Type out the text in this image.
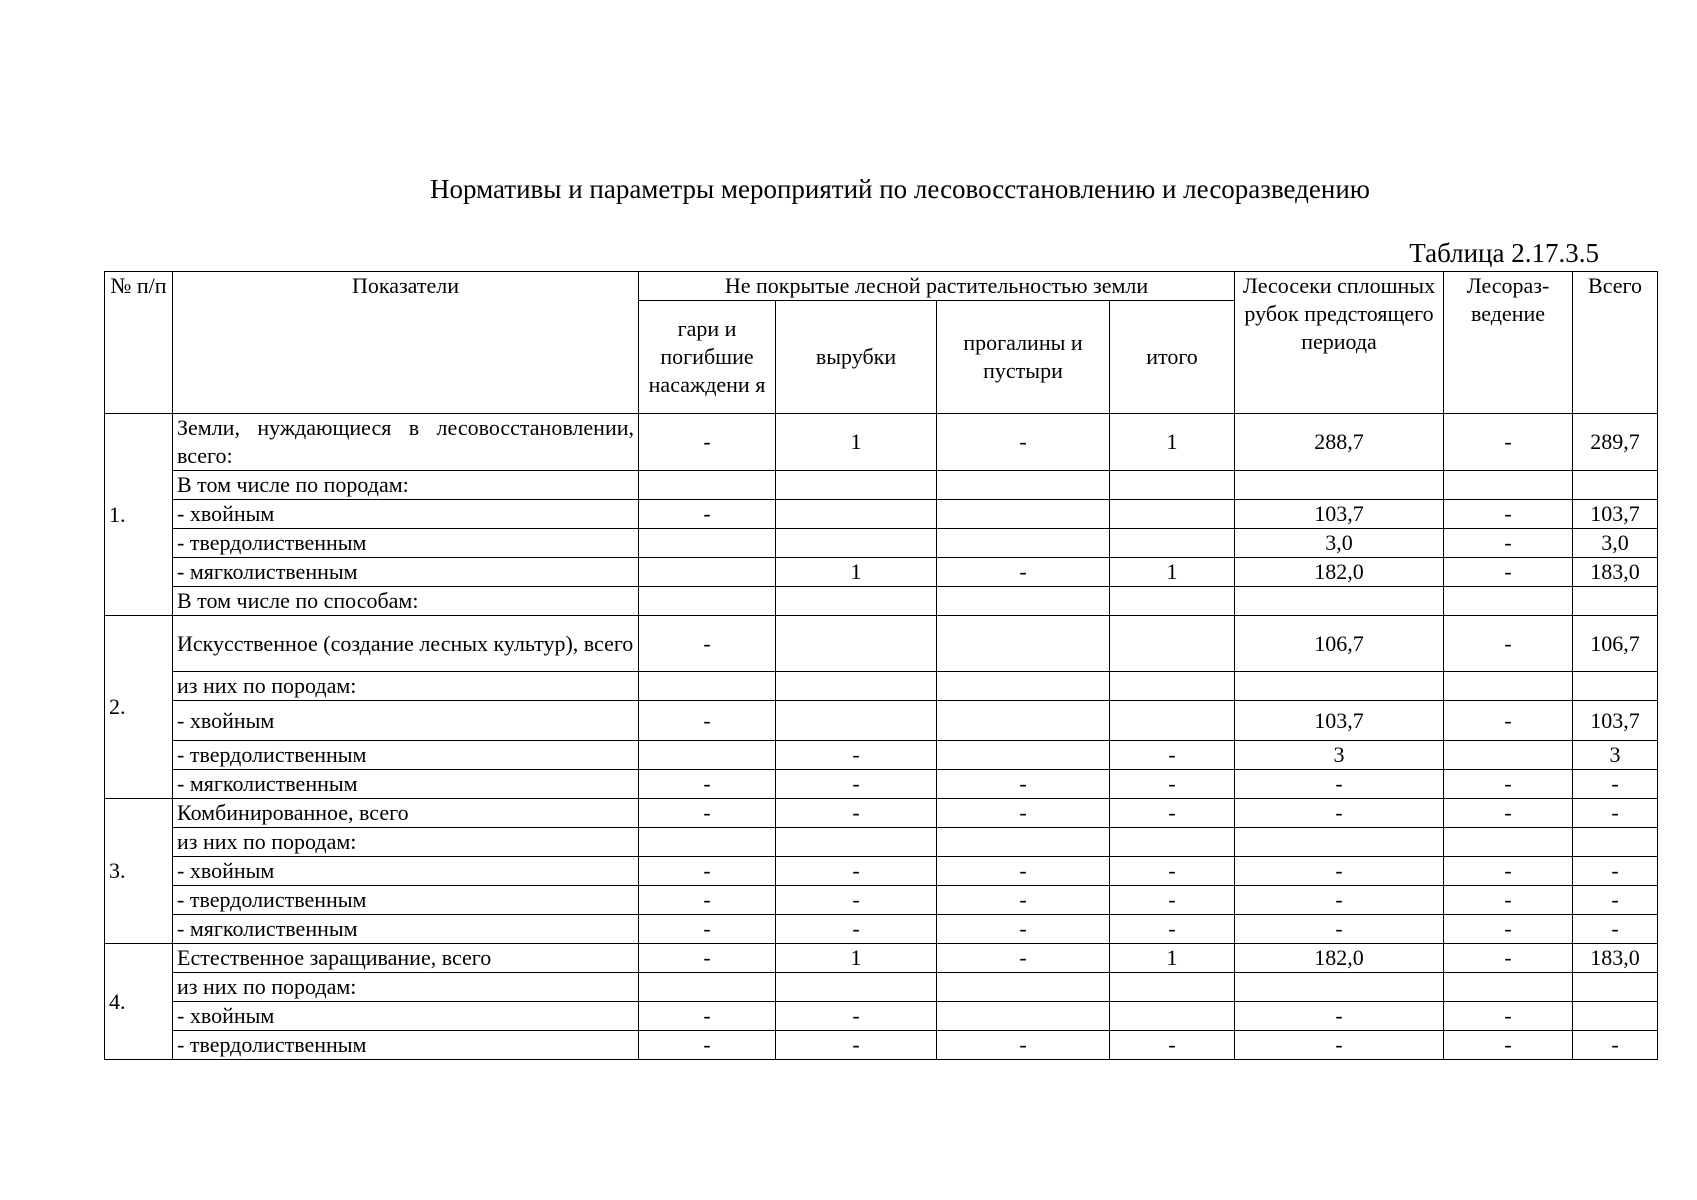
Нормативы и параметры мероприятий по лесовосстановлению и лесоразведению
Таблица 2.17.3.5
№ п/п	Показатели	Не покрытые лесной растительностью земли				Лесосеки сплошных рубок предстоящего периода	Лесораз-ведение	Всего
		гари и погибшие насаждени я	вырубки	прогалины и пустыри	итого			
1.	Земли, нуждающиеся в лесовосстановлении, всего:	-	1	-	1	288,7	-	289,7
	В том числе по породам:							
	- хвойным	-				103,7	-	103,7
	- твердолиственным					3,0	-	3,0
	- мягколиственным		1	-	1	182,0	-	183,0
	В том числе по способам:							
2.	Искусственное (создание лесных культур), всего	-				106,7	-	106,7
	из них по породам:							
	- хвойным	-				103,7	-	103,7
	- твердолиственным		-		-	3		3
	- мягколиственным	-	-	-	-	-	-	-
3.	Комбинированное, всего	-	-	-	-	-	-	-
	из них по породам:							
	- хвойным	-	-	-	-	-	-	-
	- твердолиственным	-	-	-	-	-	-	-
	- мягколиственным	-	-	-	-	-	-	-
4.	Естественное заращивание, всего	-	1	-	1	182,0	-	183,0
	из них по породам:							
	- хвойным	-	-			-	-	
	- твердолиственным	-	-	-	-	-	-	-
